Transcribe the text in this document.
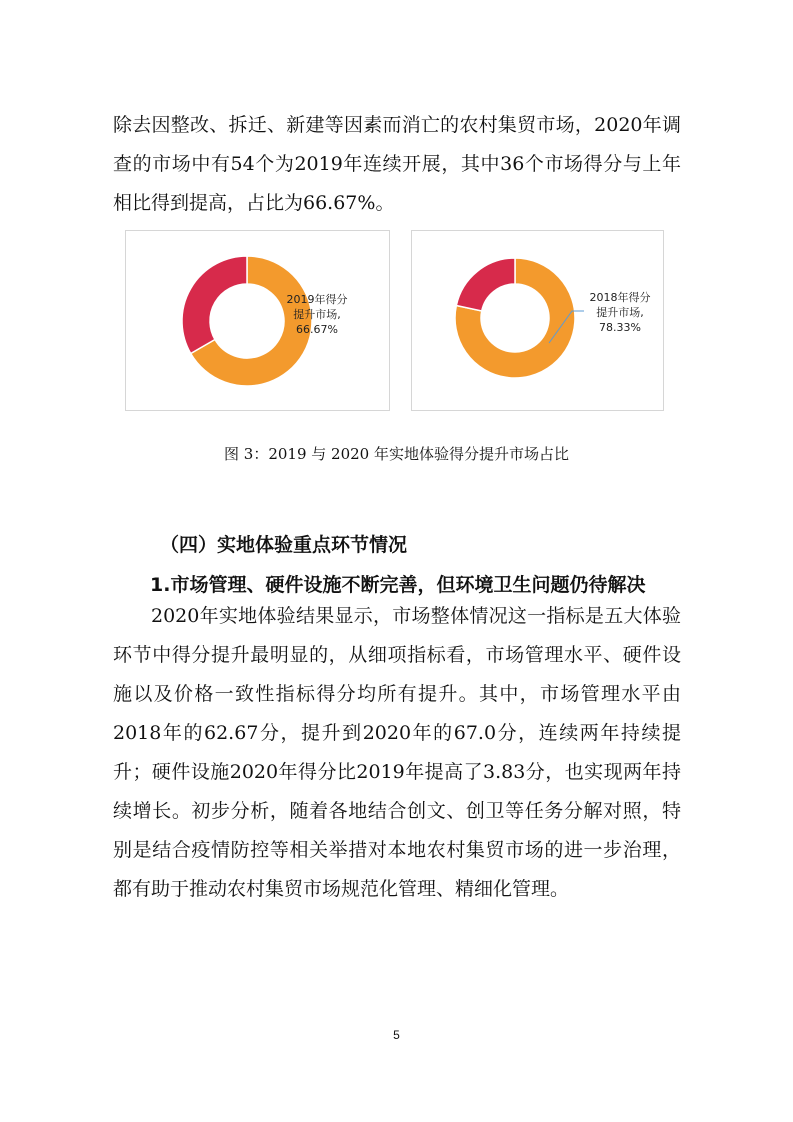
除去因整改、拆迁、新建等因素而消亡的农村集贸市场，2020年调查的市场中有54个为2019年连续开展，其中36个市场得分与上年相比得到提高，占比为66.67%。

2019年得分
提升市场,
66.67%
2018年得分
提升市场,
78.33%
图 3：2019 与 2020 年实地体验得分提升市场占比

（四）实地体验重点环节情况

1.市场管理、硬件设施不断完善，但环境卫生问题仍待解决

2020年实地体验结果显示，市场整体情况这一指标是五大体验环节中得分提升最明显的，从细项指标看，市场管理水平、硬件设施以及价格一致性指标得分均所有提升。其中，市场管理水平由2018年的62.67分，提升到2020年的67.0分，连续两年持续提升；硬件设施2020年得分比2019年提高了3.83分，也实现两年持续增长。初步分析，随着各地结合创文、创卫等任务分解对照，特别是结合疫情防控等相关举措对本地农村集贸市场的进一步治理，都有助于推动农村集贸市场规范化管理、精细化管理。

5
